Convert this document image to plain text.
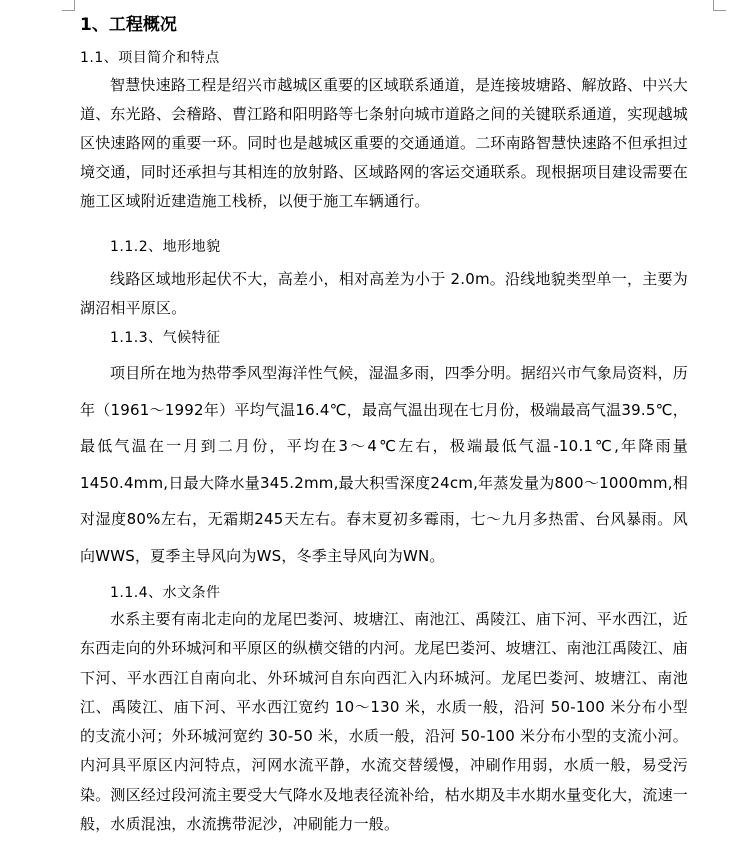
1、工程概况
1.1、项目简介和特点

智慧快速路工程是绍兴市越城区重要的区域联系通道，是连接坡塘路、解放路、中兴大道、东光路、会稽路、曹江路和阳明路等七条射向城市道路之间的关键联系通道，实现越城区快速路网的重要一环。同时也是越城区重要的交通通道。二环南路智慧快速路不但承担过境交通，同时还承担与其相连的放射路、区域路网的客运交通联系。现根据项目建设需要在施工区域附近建造施工栈桥，以便于施工车辆通行。

1.1.2、地形地貌

线路区域地形起伏不大，高差小，相对高差为小于 2.0m。沿线地貌类型单一，主要为湖沼相平原区。

1.1.3、气候特征

项目所在地为热带季风型海洋性气候，湿温多雨，四季分明。据绍兴市气象局资料，历年（1961～1992年）平均气温16.4℃，最高气温出现在七月份，极端最高气温39.5℃，最低气温在一月到二月份，平均在3～4℃左右，极端最低气温-10.1℃,年降雨量1450.4mm,日最大降水量345.2mm,最大积雪深度24cm,年蒸发量为800～1000mm,相对湿度80%左右，无霜期245天左右。春末夏初多霉雨，七～九月多热雷、台风暴雨。风向WWS，夏季主导风向为WS，冬季主导风向为WN。

1.1.4、水文条件

水系主要有南北走向的龙尾巴娄河、坡塘江、南池江、禹陵江、庙下河、平水西江，近东西走向的外环城河和平原区的纵横交错的内河。龙尾巴娄河、坡塘江、南池江禹陵江、庙下河、平水西江自南向北、外环城河自东向西汇入内环城河。龙尾巴娄河、坡塘江、南池江、禹陵江、庙下河、平水西江宽约 10～130 米，水质一般，沿河 50-100 米分布小型的支流小河；外环城河宽约 30-50 米，水质一般，沿河 50-100 米分布小型的支流小河。内河具平原区内河特点，河网水流平静，水流交替缓慢，冲刷作用弱，水质一般，易受污染。测区经过段河流主要受大气降水及地表径流补给，枯水期及丰水期水量变化大，流速一般，水质混浊，水流携带泥沙，冲刷能力一般。
